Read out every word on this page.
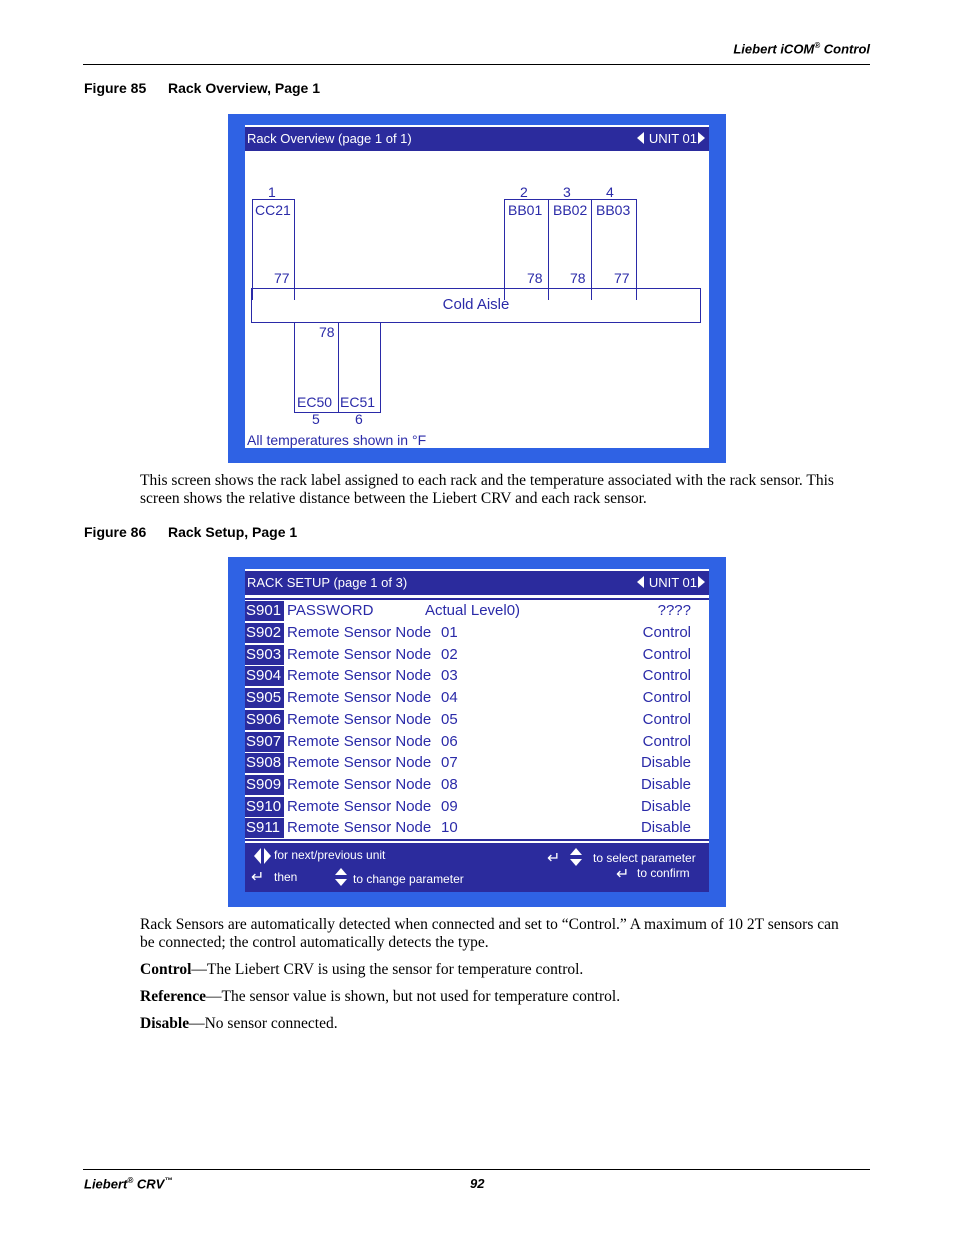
Liebert iCOM® Control
Figure 85 Rack Overview, Page 1
Rack Overview (page 1 of 1)	UNIT 01
1	2	3	4
CC21	BB01 BB02 BB03
77	78 78 77
Cold Aisle
78
EC50 EC51
5	6
All temperatures shown in °F
This screen shows the rack label assigned to each rack and the temperature associated with the rack sensor. This screen shows the relative distance between the Liebert CRV and each rack sensor.
Figure 86 Rack Setup, Page 1
RACK SETUP (page 1 of 3)	UNIT 01
S901 PASSWORD	Actual Level0)	????
S902 Remote Sensor Node 01	Control
S903 Remote Sensor Node 02	Control
S904 Remote Sensor Node 03	Control
S905 Remote Sensor Node 04	Control
S906 Remote Sensor Node 05	Control
S907 Remote Sensor Node 06	Control
S908 Remote Sensor Node 07	Disable
S909 Remote Sensor Node 08	Disable
S910 Remote Sensor Node 09	Disable
S911 Remote Sensor Node 10	Disable
for next/previous unit
↵ then	to change parameter
↵	to select parameter
↵ to confirm
Rack Sensors are automatically detected when connected and set to “Control.” A maximum of 10 2T sensors can be connected; the control automatically detects the type.
Control—The Liebert CRV is using the sensor for temperature control.
Reference—The sensor value is shown, but not used for temperature control.
Disable—No sensor connected.
Liebert® CRV™	92
